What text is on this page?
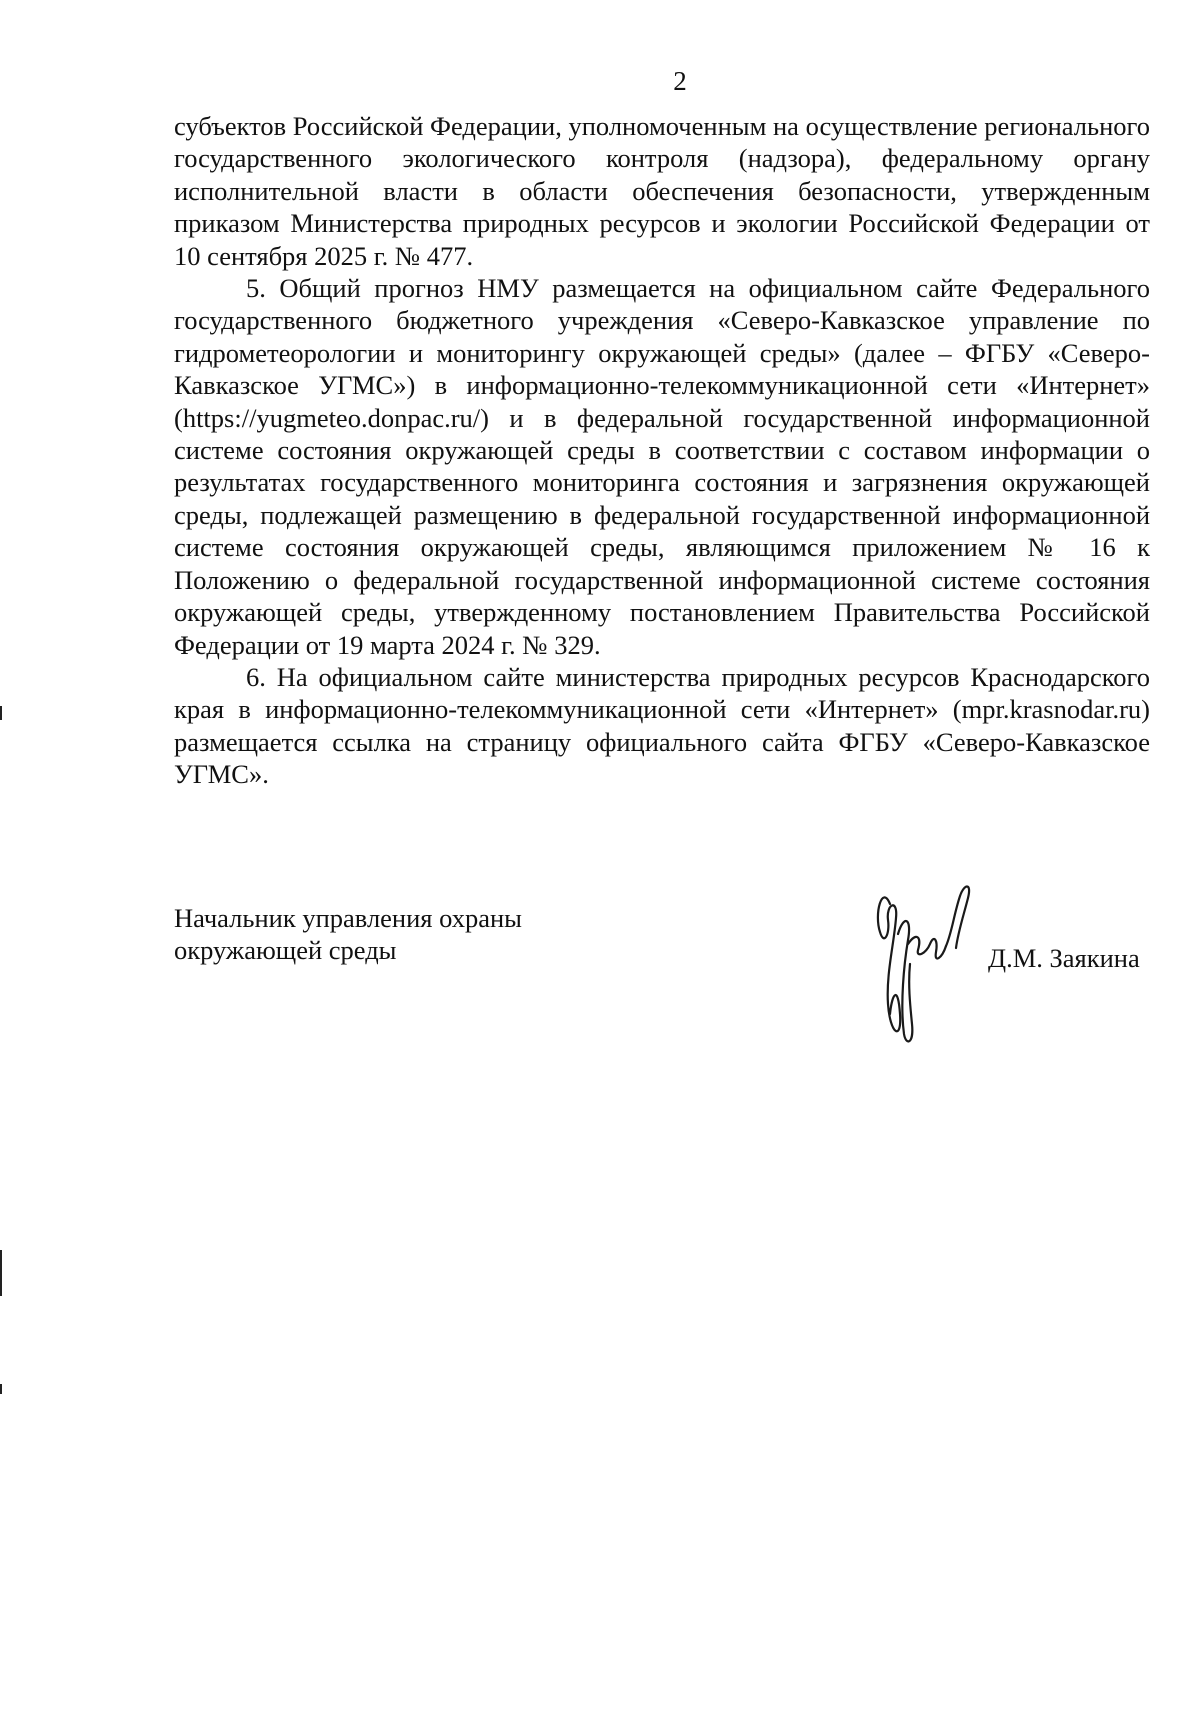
2

субъектов Российской Федерации, уполномоченным на осуществление регионального государственного экологического контроля (надзора), федеральному органу исполнительной власти в области обеспечения безопасности, утвержденным приказом Министерства природных ресурсов и экологии Российской Федерации от 10 сентября 2025 г. № 477.

5. Общий прогноз НМУ размещается на официальном сайте Федерального государственного бюджетного учреждения «Северо-Кавказское управление по гидрометеорологии и мониторингу окружающей среды» (далее – ФГБУ «Северо-Кавказское УГМС») в информационно-телекоммуникационной сети «Интернет» (https://yugmeteo.donpac.ru/) и в федеральной государственной информационной системе состояния окружающей среды в соответствии с составом информации о результатах государственного мониторинга состояния и загрязнения окружающей среды, подлежащей размещению в федеральной государственной информационной системе состояния окружающей среды, являющимся приложением № 16 к Положению о федеральной государственной информационной системе состояния окружающей среды, утвержденному постановлением Правительства Российской Федерации от 19 марта 2024 г. № 329.

6. На официальном сайте министерства природных ресурсов Краснодарского края в информационно-телекоммуникационной сети «Интернет» (mpr.krasnodar.ru) размещается ссылка на страницу официального сайта ФГБУ «Северо-Кавказское УГМС».

Начальник управления охраны
окружающей среды	Д.М. Заякина
